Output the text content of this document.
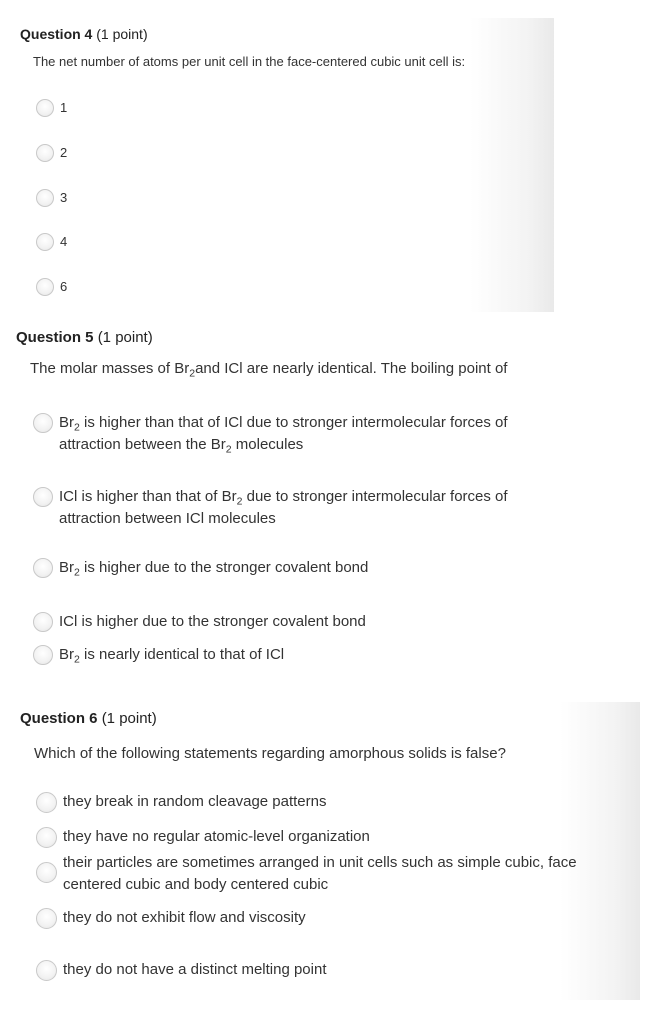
Question 4 (1 point)
The net number of atoms per unit cell in the face-centered cubic unit cell is:
1
2
3
4
6
Question 5 (1 point)
The molar masses of $Br_2and$ ICl are nearly identical. The boiling point of
$Br_2$ is higher than that of ICl due to stronger intermolecular forces of
attraction between the $Br_2$ molecules
ICl is higher than that of $Br_2$ due to stronger intermolecular forces of
attraction between ICl molecules
$Br_2$ is higher due to the stronger covalent bond
ICl is higher due to the stronger covalent bond
$Br_2$ is nearly identical to that of ICl
Question 6 (1 point)
Which of the following statements regarding amorphous solids is false?
they break in random cleavage patterns
they have no regular atomic-level organization
their particles are sometimes arranged in unit cells such as simple cubic, face
centered cubic and body centered cubic
they do not exhibit flow and viscosity
they do not have a distinct melting point
